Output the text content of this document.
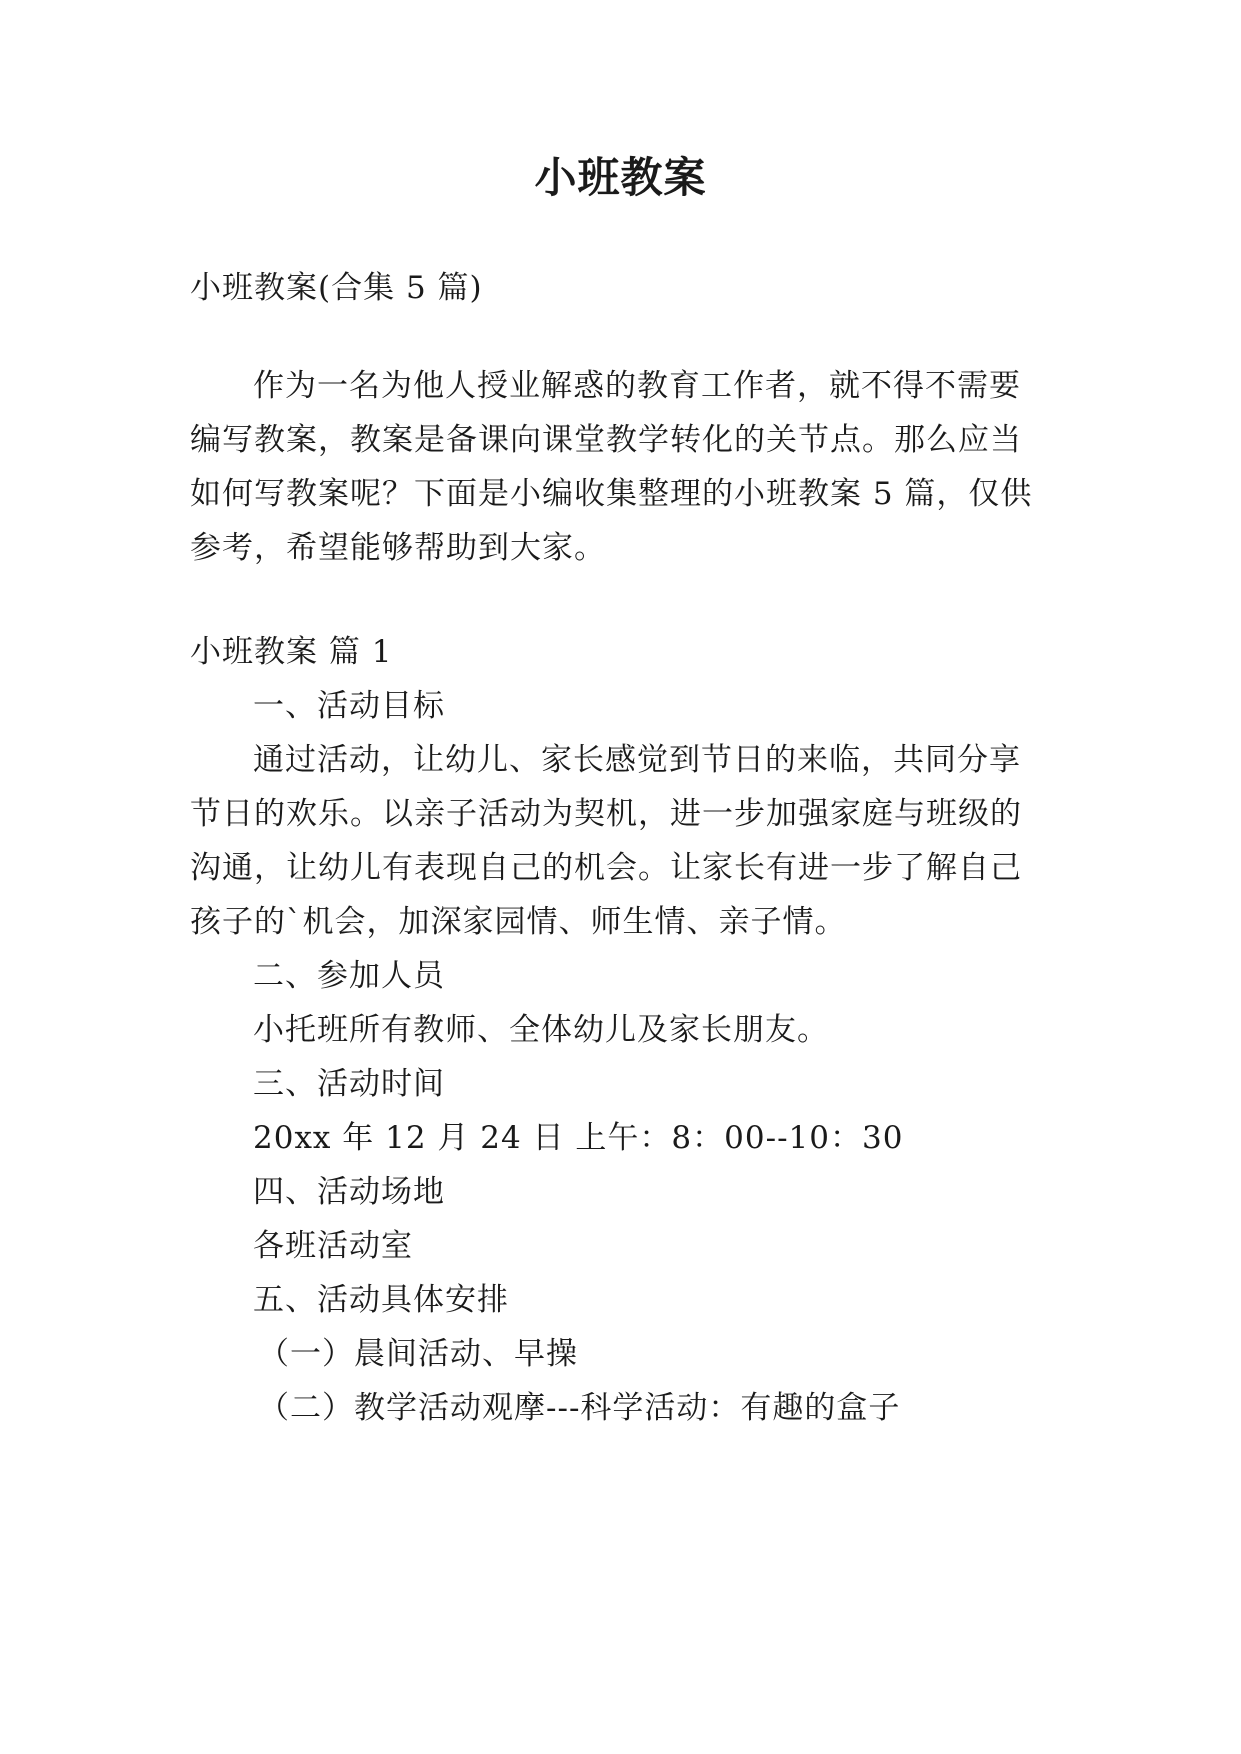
小班教案
小班教案(合集 5 篇)
作为一名为他人授业解惑的教育工作者，就不得不需要
编写教案，教案是备课向课堂教学转化的关节点。那么应当
如何写教案呢？下面是小编收集整理的小班教案 5 篇，仅供
参考，希望能够帮助到大家。
小班教案 篇 1
一、活动目标
通过活动，让幼儿、家长感觉到节日的来临，共同分享
节日的欢乐。以亲子活动为契机，进一步加强家庭与班级的
沟通，让幼儿有表现自己的机会。让家长有进一步了解自己
孩子的`机会，加深家园情、师生情、亲子情。
二、参加人员
小托班所有教师、全体幼儿及家长朋友。
三、活动时间
20xx 年 12 月 24 日 上午：8：00--10：30
四、活动场地
各班活动室
五、活动具体安排
（一）晨间活动、早操
（二）教学活动观摩---科学活动：有趣的盒子
